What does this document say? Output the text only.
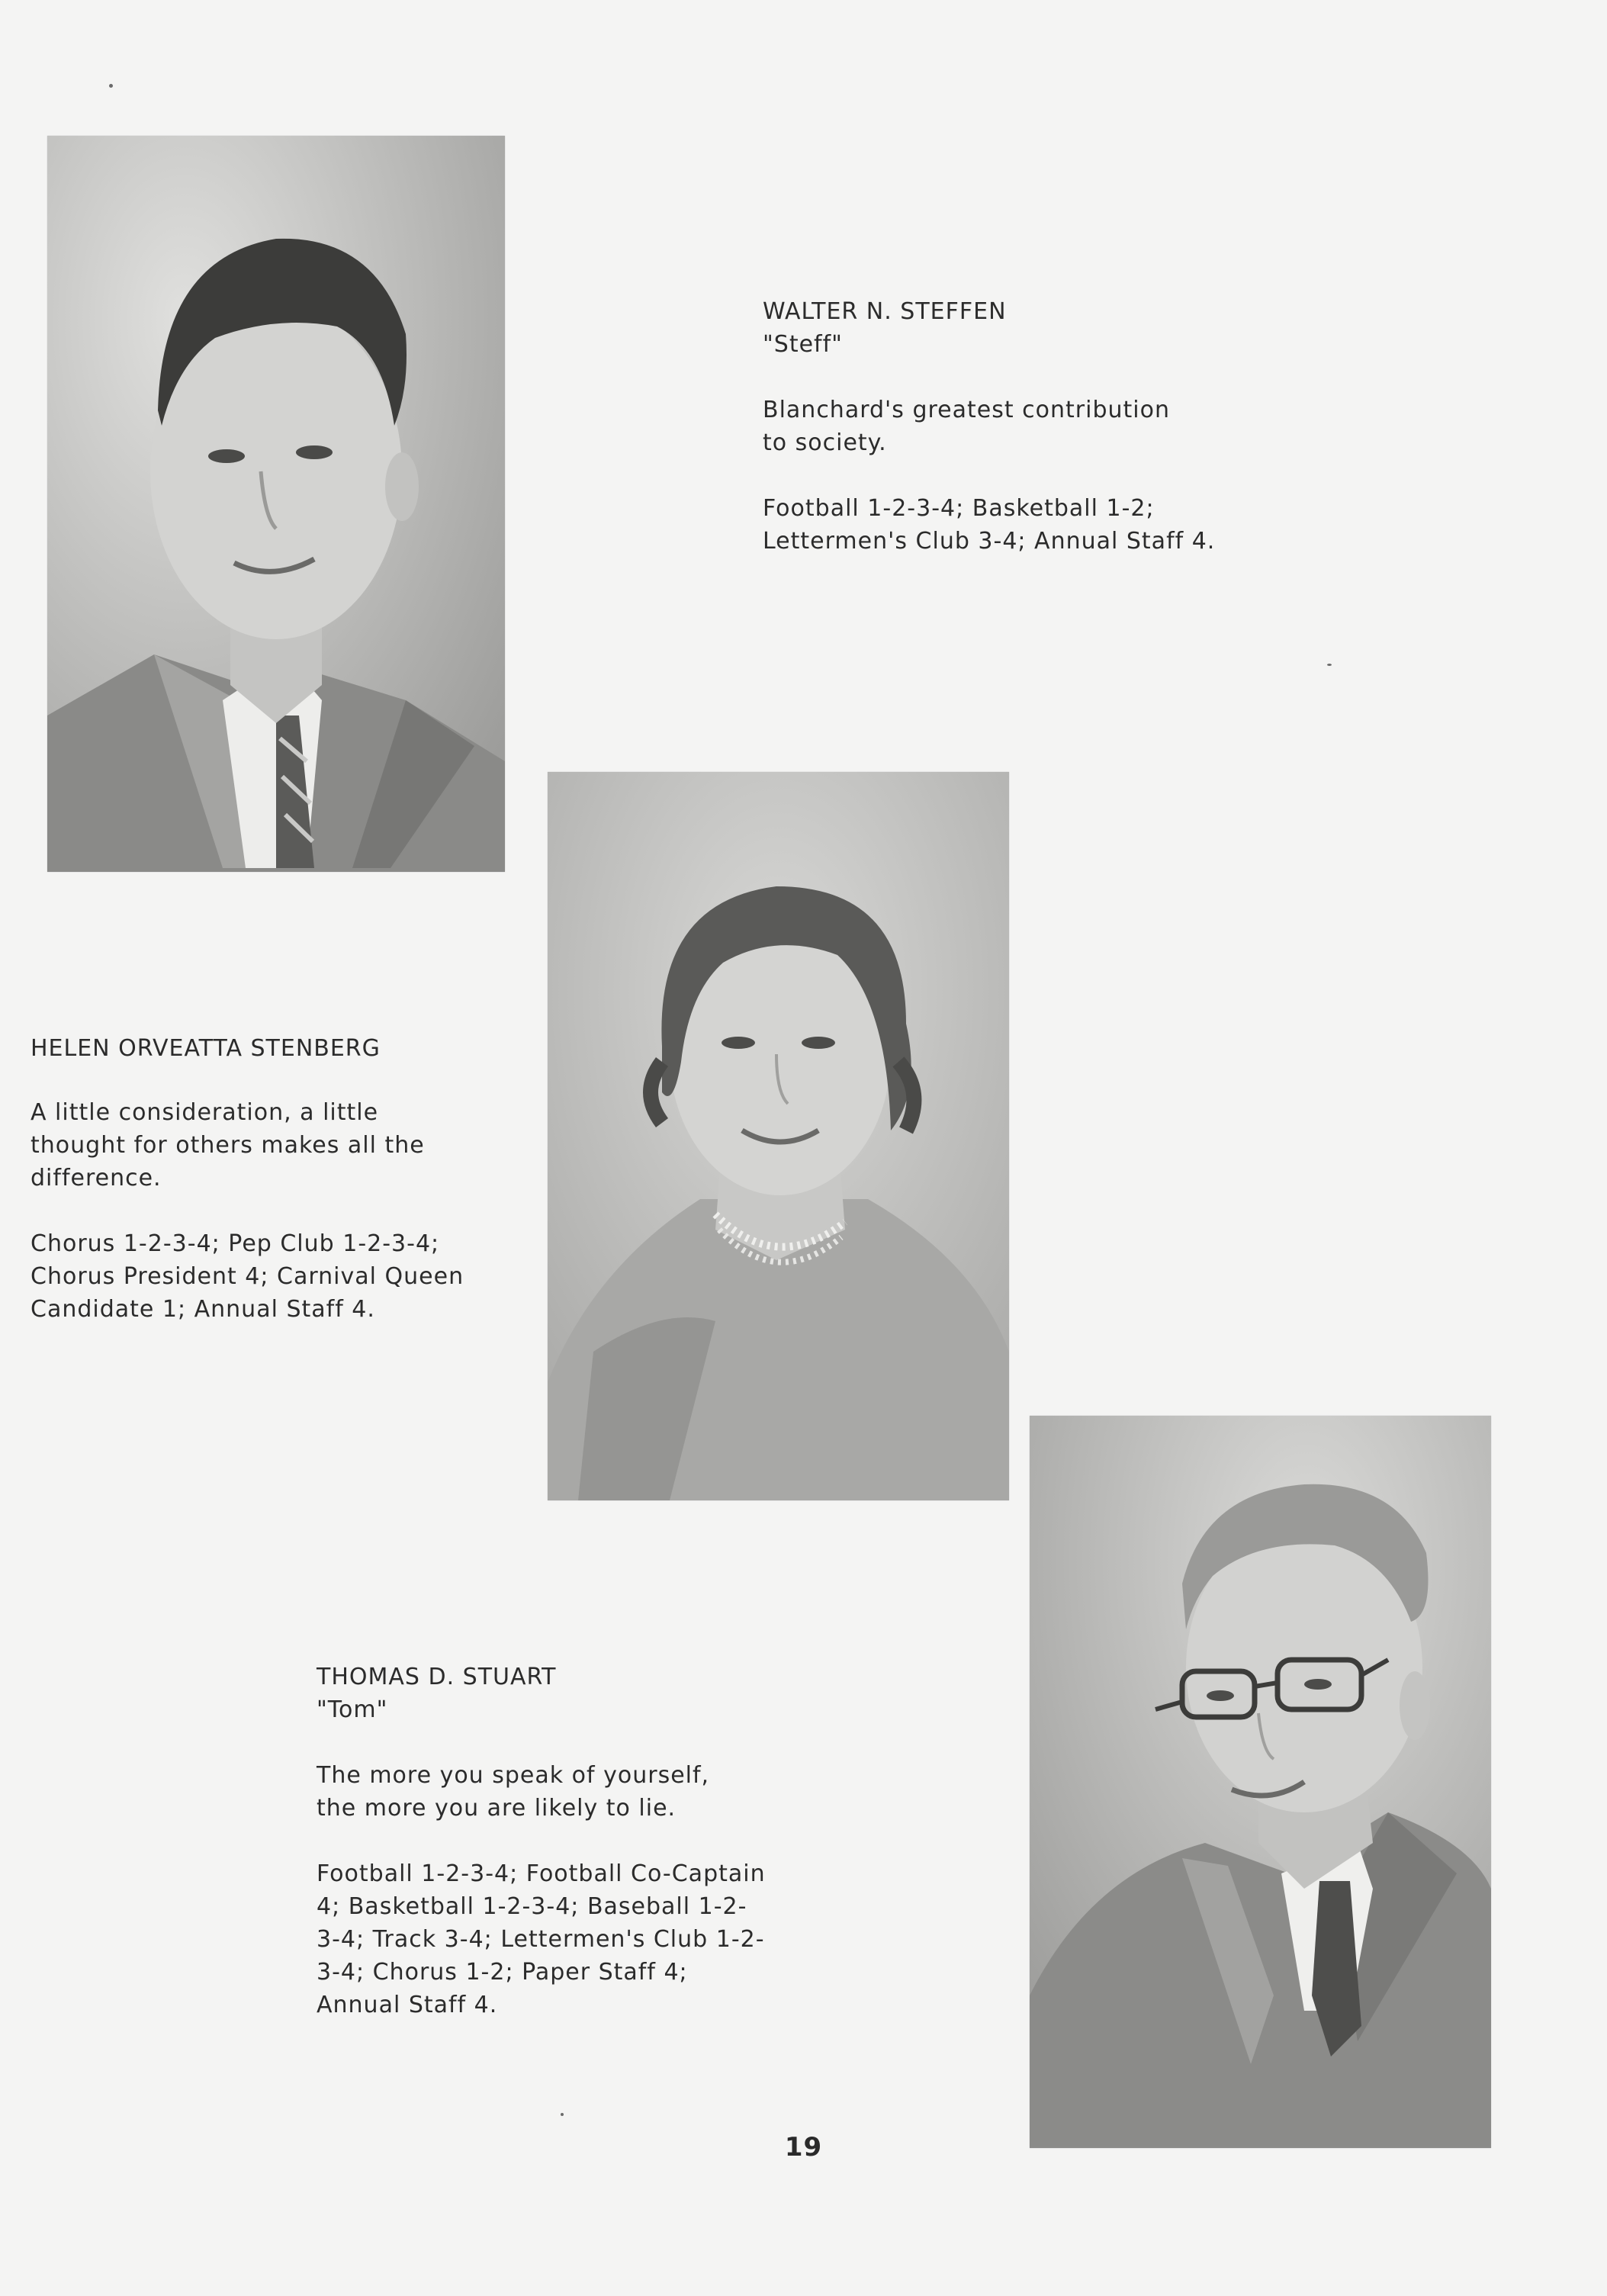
WALTER N. STEFFEN
"Steff"
Blanchard's greatest contribution to society.
Football 1-2-3-4; Basketball 1-2; Lettermen's Club 3-4; Annual Staff 4.
HELEN ORVEATTA STENBERG
A little consideration, a little thought for others makes all the difference.
Chorus 1-2-3-4; Pep Club 1-2-3-4; Chorus President 4; Carnival Queen Candidate 1; Annual Staff 4.
THOMAS D. STUART
"Tom"
The more you speak of yourself, the more you are likely to lie.
Football 1-2-3-4; Football Co-Captain 4; Basketball 1-2-3-4; Baseball 1-2-3-4; Track 3-4; Lettermen's Club 1-2-3-4; Chorus 1-2; Paper Staff 4; Annual Staff 4.
19
